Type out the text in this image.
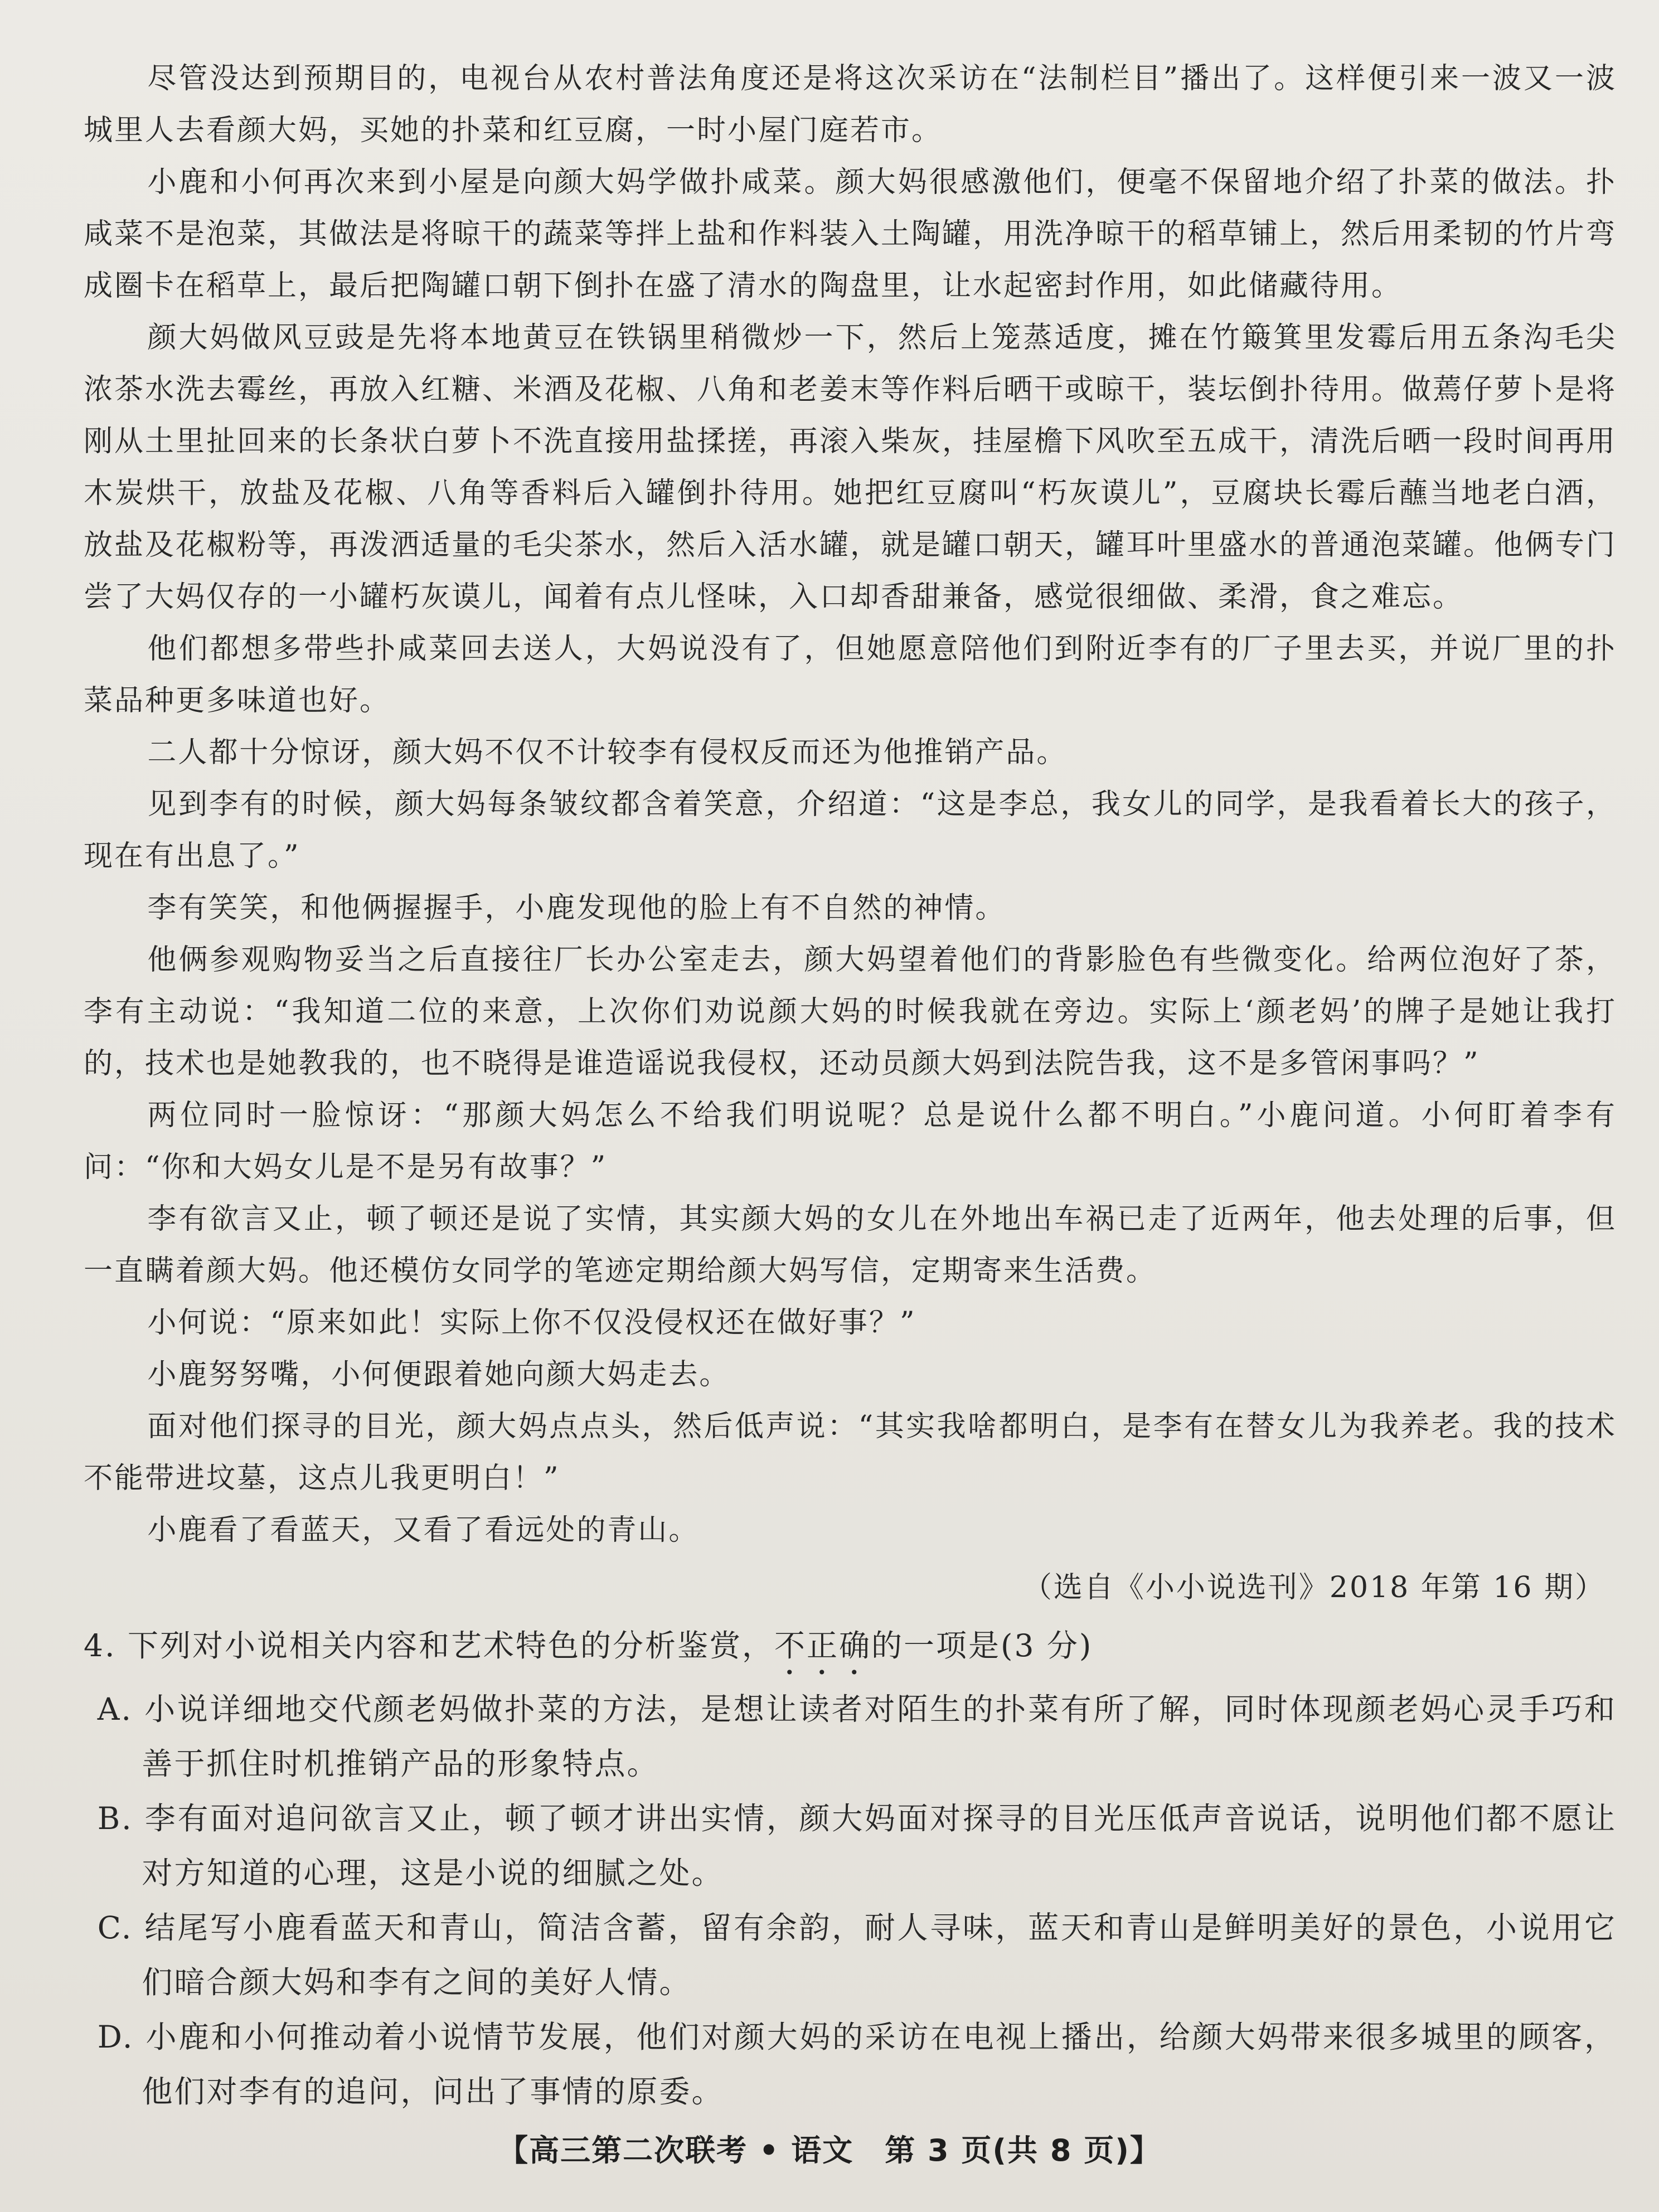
尽管没达到预期目的，电视台从农村普法角度还是将这次采访在“法制栏目”播出了。这样便引来一波又一波城里人去看颜大妈，买她的扑菜和红豆腐，一时小屋门庭若市。

小鹿和小何再次来到小屋是向颜大妈学做扑咸菜。颜大妈很感激他们，便毫不保留地介绍了扑菜的做法。扑咸菜不是泡菜，其做法是将晾干的蔬菜等拌上盐和作料装入土陶罐，用洗净晾干的稻草铺上，然后用柔韧的竹片弯成圈卡在稻草上，最后把陶罐口朝下倒扑在盛了清水的陶盘里，让水起密封作用，如此储藏待用。

颜大妈做风豆豉是先将本地黄豆在铁锅里稍微炒一下，然后上笼蒸适度，摊在竹簸箕里发霉后用五条沟毛尖浓茶水洗去霉丝，再放入红糖、米酒及花椒、八角和老姜末等作料后晒干或晾干，装坛倒扑待用。做蔫仔萝卜是将刚从土里扯回来的长条状白萝卜不洗直接用盐揉搓，再滚入柴灰，挂屋檐下风吹至五成干，清洗后晒一段时间再用木炭烘干，放盐及花椒、八角等香料后入罐倒扑待用。她把红豆腐叫“朽灰谟儿”，豆腐块长霉后蘸当地老白酒，放盐及花椒粉等，再泼洒适量的毛尖茶水，然后入活水罐，就是罐口朝天，罐耳叶里盛水的普通泡菜罐。他俩专门尝了大妈仅存的一小罐朽灰谟儿，闻着有点儿怪味，入口却香甜兼备，感觉很细做、柔滑，食之难忘。

他们都想多带些扑咸菜回去送人，大妈说没有了，但她愿意陪他们到附近李有的厂子里去买，并说厂里的扑菜品种更多味道也好。

二人都十分惊讶，颜大妈不仅不计较李有侵权反而还为他推销产品。

见到李有的时候，颜大妈每条皱纹都含着笑意，介绍道：“这是李总，我女儿的同学，是我看着长大的孩子，现在有出息了。”

李有笑笑，和他俩握握手，小鹿发现他的脸上有不自然的神情。

他俩参观购物妥当之后直接往厂长办公室走去，颜大妈望着他们的背影脸色有些微变化。给两位泡好了茶，李有主动说：“我知道二位的来意，上次你们劝说颜大妈的时候我就在旁边。实际上‘颜老妈’的牌子是她让我打的，技术也是她教我的，也不晓得是谁造谣说我侵权，还动员颜大妈到法院告我，这不是多管闲事吗？”

两位同时一脸惊讶：“那颜大妈怎么不给我们明说呢？总是说什么都不明白。”小鹿问道。小何盯着李有问：“你和大妈女儿是不是另有故事？”

李有欲言又止，顿了顿还是说了实情，其实颜大妈的女儿在外地出车祸已走了近两年，他去处理的后事，但一直瞒着颜大妈。他还模仿女同学的笔迹定期给颜大妈写信，定期寄来生活费。

小何说：“原来如此！实际上你不仅没侵权还在做好事？”

小鹿努努嘴，小何便跟着她向颜大妈走去。

面对他们探寻的目光，颜大妈点点头，然后低声说：“其实我啥都明白，是李有在替女儿为我养老。我的技术不能带进坟墓，这点儿我更明白！”

小鹿看了看蓝天，又看了看远处的青山。

（选自《小小说选刊》2018 年第 16 期）

4. 下列对小说相关内容和艺术特色的分析鉴赏，不正确的一项是(3 分)

A. 小说详细地交代颜老妈做扑菜的方法，是想让读者对陌生的扑菜有所了解，同时体现颜老妈心灵手巧和善于抓住时机推销产品的形象特点。

B. 李有面对追问欲言又止，顿了顿才讲出实情，颜大妈面对探寻的目光压低声音说话，说明他们都不愿让对方知道的心理，这是小说的细腻之处。

C. 结尾写小鹿看蓝天和青山，简洁含蓄，留有余韵，耐人寻味，蓝天和青山是鲜明美好的景色，小说用它们暗合颜大妈和李有之间的美好人情。

D. 小鹿和小何推动着小说情节发展，他们对颜大妈的采访在电视上播出，给颜大妈带来很多城里的顾客，他们对李有的追问，问出了事情的原委。

【高三第二次联考 • 语文　第 3 页(共 8 页)】
